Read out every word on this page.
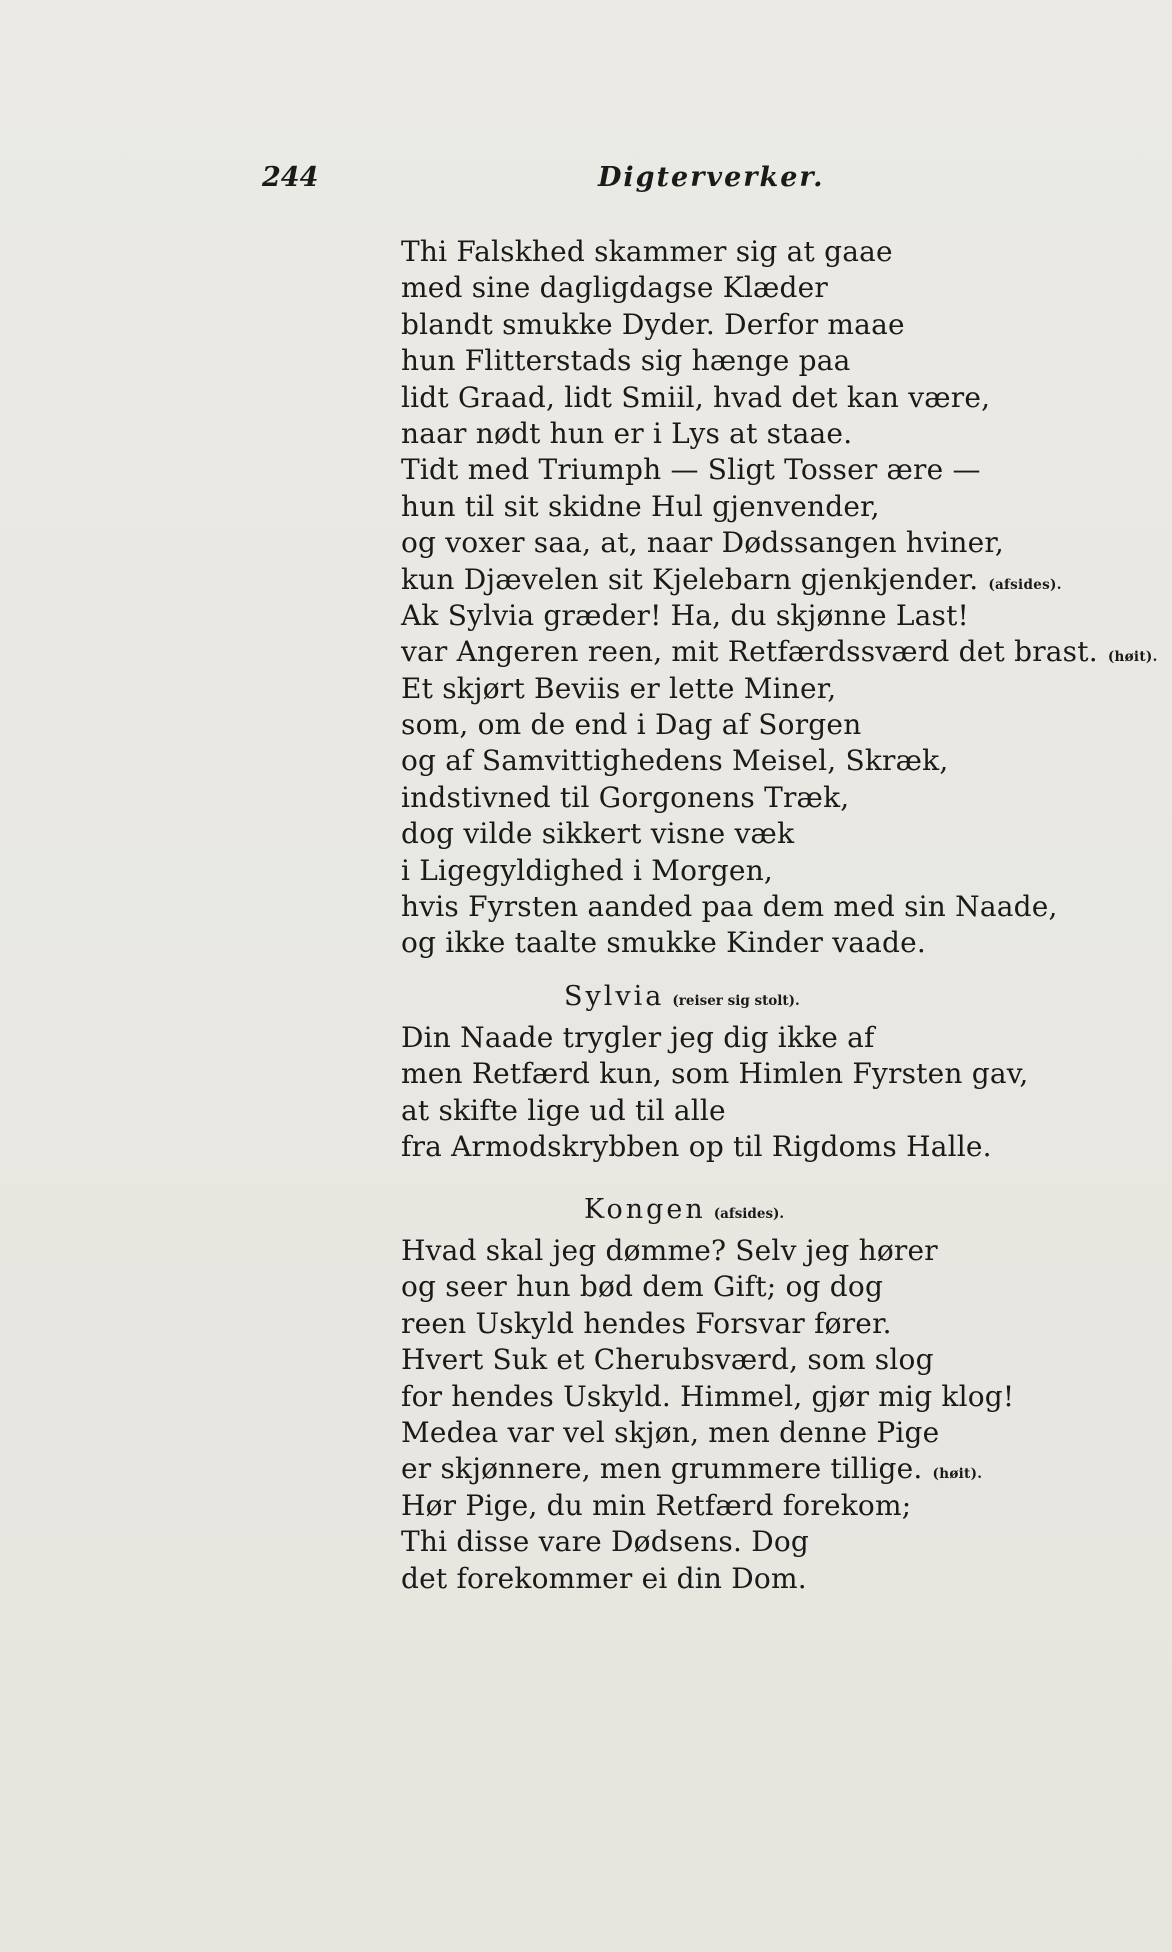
244	Digterverker.
Thi Falskhed skammer sig at gaae
med sine dagligdagse Klæder
blandt smukke Dyder. Derfor maae
hun Flitterstads sig hænge paa
lidt Graad, lidt Smiil, hvad det kan være,
naar nødt hun er i Lys at staae.
Tidt med Triumph — Sligt Tosser ære —
hun til sit skidne Hul gjenvender,
og voxer saa, at, naar Dødssangen hviner,
kun Djævelen sit Kjelebarn gjenkjender. (afsides).
Ak Sylvia græder! Ha, du skjønne Last!
var Angeren reen, mit Retfærdssværd det brast. (høit).
Et skjørt Beviis er lette Miner,
som, om de end i Dag af Sorgen
og af Samvittighedens Meisel, Skræk,
indstivned til Gorgonens Træk,
dog vilde sikkert visne væk
i Ligegyldighed i Morgen,
hvis Fyrsten aanded paa dem med sin Naade,
og ikke taalte smukke Kinder vaade.
Sylvia (reiser sig stolt).
Din Naade trygler jeg dig ikke af
men Retfærd kun, som Himlen Fyrsten gav,
at skifte lige ud til alle
fra Armodskrybben op til Rigdoms Halle.
Kongen (afsides).
Hvad skal jeg dømme? Selv jeg hører
og seer hun bød dem Gift; og dog
reen Uskyld hendes Forsvar fører.
Hvert Suk et Cherubsværd, som slog
for hendes Uskyld. Himmel, gjør mig klog!
Medea var vel skjøn, men denne Pige
er skjønnere, men grummere tillige. (høit).
Hør Pige, du min Retfærd forekom;
Thi disse vare Dødsens. Dog
det forekommer ei din Dom.
